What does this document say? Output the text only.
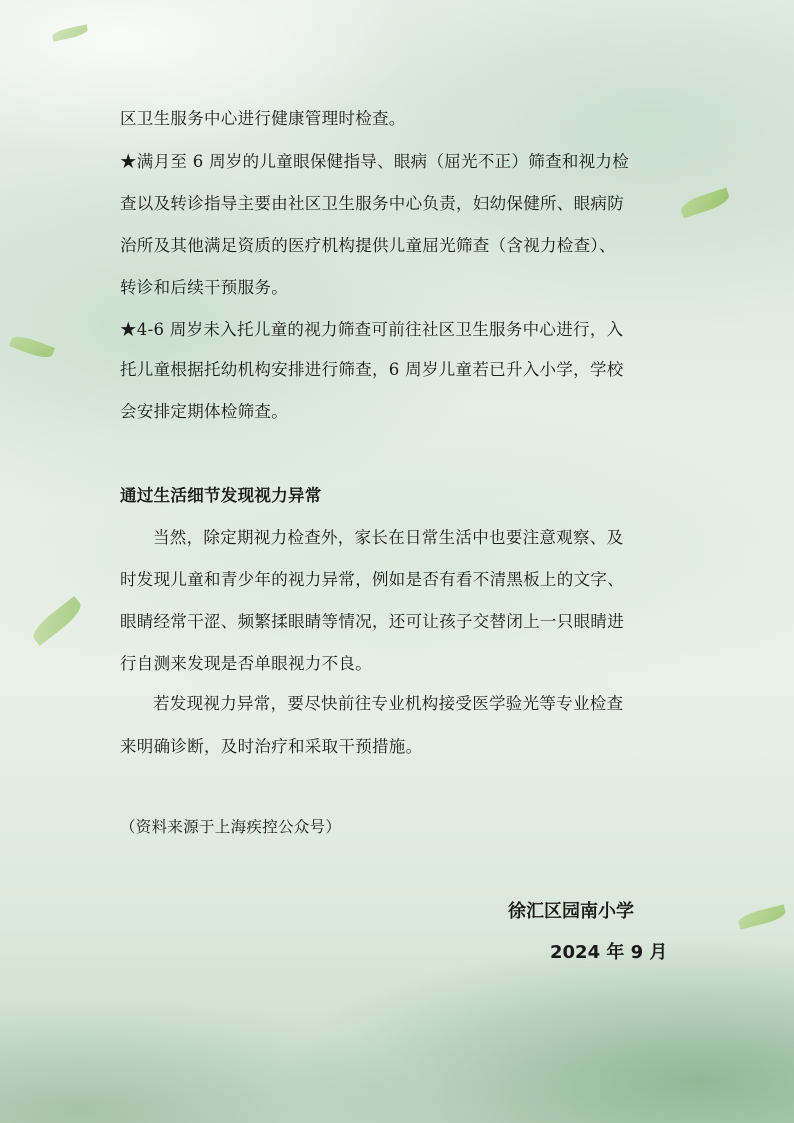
区卫生服务中心进行健康管理时检查。
★满月至 6 周岁的儿童眼保健指导、眼病（屈光不正）筛查和视力检
查以及转诊指导主要由社区卫生服务中心负责，妇幼保健所、眼病防
治所及其他满足资质的医疗机构提供儿童屈光筛查（含视力检查）、
转诊和后续干预服务。
★4-6 周岁未入托儿童的视力筛查可前往社区卫生服务中心进行，入
托儿童根据托幼机构安排进行筛查，6 周岁儿童若已升入小学，学校
会安排定期体检筛查。
通过生活细节发现视力异常
当然，除定期视力检查外，家长在日常生活中也要注意观察、及
时发现儿童和青少年的视力异常，例如是否有看不清黑板上的文字、
眼睛经常干涩、频繁揉眼睛等情况，还可让孩子交替闭上一只眼睛进
行自测来发现是否单眼视力不良。
若发现视力异常，要尽快前往专业机构接受医学验光等专业检查
来明确诊断，及时治疗和采取干预措施。
（资料来源于上海疾控公众号）
徐汇区园南小学
2024 年 9 月
